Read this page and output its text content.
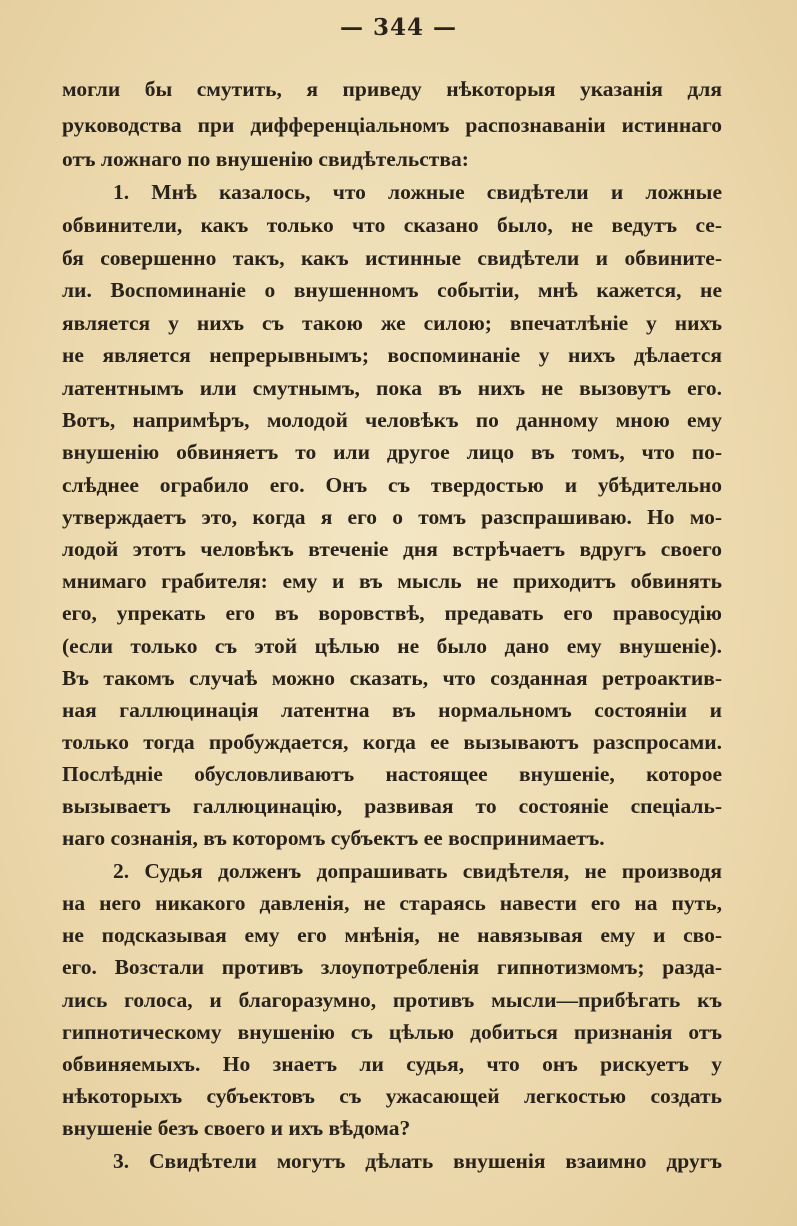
— 344 —
могли бы смутить, я приведу нѣкоторыя указанія для
руководства при дифференціальномъ распознаваніи истиннаго
отъ ложнаго по внушенію свидѣтельства:
1. Мнѣ казалось, что ложные свидѣтели и ложные
обвинители, какъ только что сказано было, не ведутъ се-
бя совершенно такъ, какъ истинные свидѣтели и обвините-
ли. Воспоминаніе о внушенномъ событіи, мнѣ кажется, не
является у нихъ съ такою же силою; впечатлѣніе у нихъ
не является непрерывнымъ; воспоминаніе у нихъ дѣлается
латентнымъ или смутнымъ, пока въ нихъ не вызовутъ его.
Вотъ, напримѣръ, молодой человѣкъ по данному мною ему
внушенію обвиняетъ то или другое лицо въ томъ, что по-
слѣднее ограбило его. Онъ съ твердостью и убѣдительно
утверждаетъ это, когда я его о томъ разспрашиваю. Но мо-
лодой этотъ человѣкъ втеченіе дня встрѣчаетъ вдругъ своего
мнимаго грабителя: ему и въ мысль не приходитъ обвинять
его, упрекать его въ воровствѣ, предавать его правосудію
(если только съ этой цѣлью не было дано ему внушеніе).
Въ такомъ случаѣ можно сказать, что созданная ретроактив-
ная галлюцинація латентна въ нормальномъ состояніи и
только тогда пробуждается, когда ее вызываютъ разспросами.
Послѣдніе обусловливаютъ настоящее внушеніе, которое
вызываетъ галлюцинацію, развивая то состояніе спеціаль-
наго сознанія, въ которомъ субъектъ ее воспринимаетъ.
2. Судья долженъ допрашивать свидѣтеля, не производя
на него никакого давленія, не стараясь навести его на путь,
не подсказывая ему его мнѣнія, не навязывая ему и сво-
его. Возстали противъ злоупотребленія гипнотизмомъ; разда-
лись голоса, и благоразумно, противъ мысли—прибѣгать къ
гипнотическому внушенію съ цѣлью добиться признанія отъ
обвиняемыхъ. Но знаетъ ли судья, что онъ рискуетъ у
нѣкоторыхъ субъектовъ съ ужасающей легкостью создать
внушеніе безъ своего и ихъ вѣдома?
3. Свидѣтели могутъ дѣлать внушенія взаимно другъ
